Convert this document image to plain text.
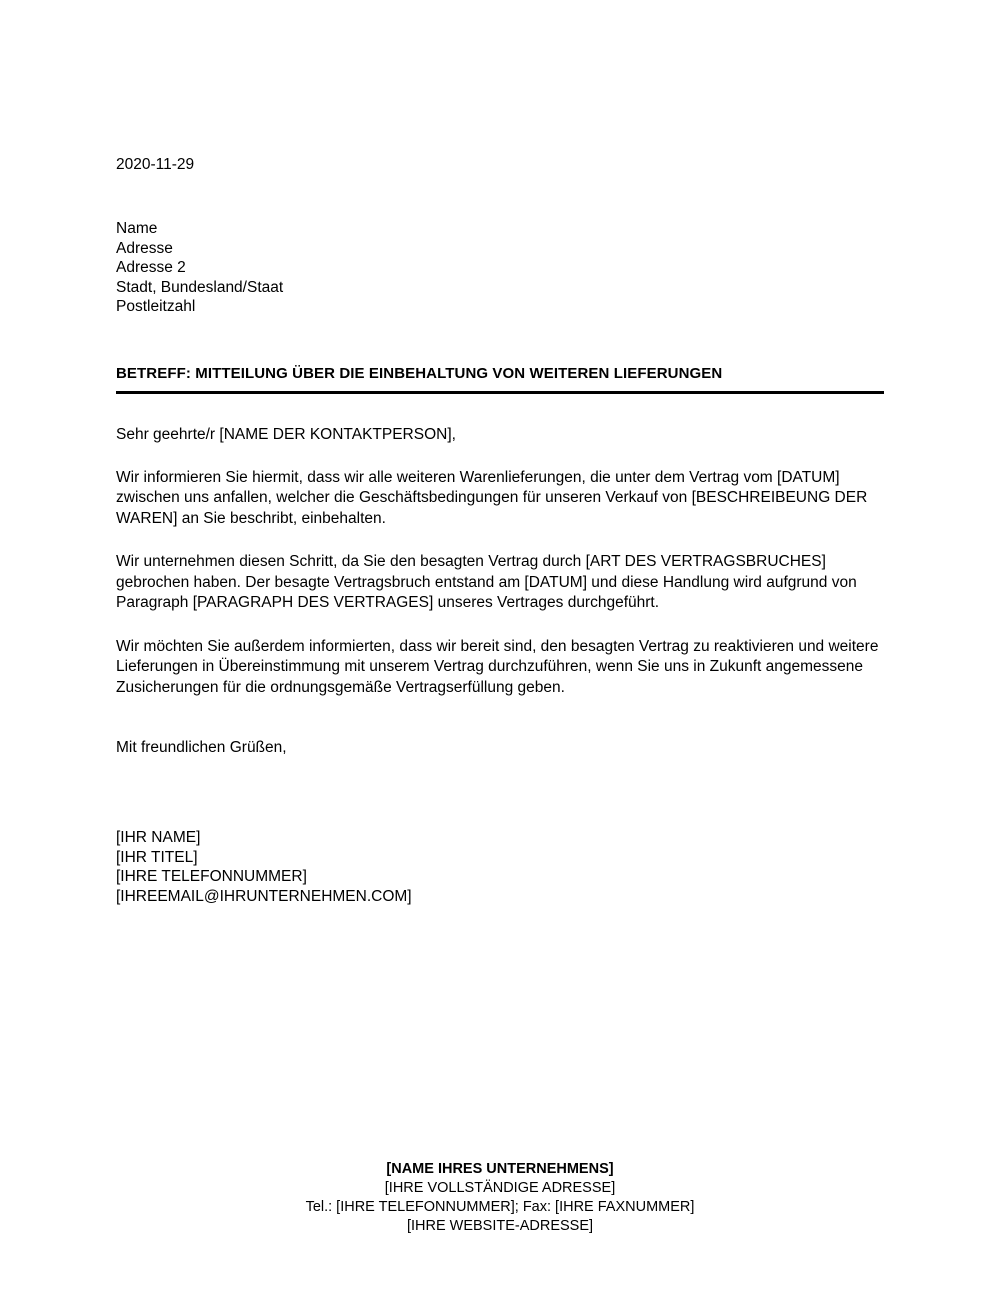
2020-11-29
Name
Adresse
Adresse 2
Stadt, Bundesland/Staat
Postleitzahl
BETREFF: MITTEILUNG ÜBER DIE EINBEHALTUNG VON WEITEREN LIEFERUNGEN
Sehr geehrte/r [NAME DER KONTAKTPERSON],

Wir informieren Sie hiermit, dass wir alle weiteren Warenlieferungen, die unter dem Vertrag vom [DATUM] zwischen uns anfallen, welcher die Geschäftsbedingungen für unseren Verkauf von [BESCHREIBEUNG DER WAREN] an Sie beschribt, einbehalten.

Wir unternehmen diesen Schritt, da Sie den besagten Vertrag durch [ART DES VERTRAGSBRUCHES] gebrochen haben. Der besagte Vertragsbruch entstand am [DATUM] und diese Handlung wird aufgrund von Paragraph [PARAGRAPH DES VERTRAGES] unseres Vertrages durchgeführt.

Wir möchten Sie außerdem informierten, dass wir bereit sind, den besagten Vertrag zu reaktivieren und weitere Lieferungen in Übereinstimmung mit unserem Vertrag durchzuführen, wenn Sie uns in Zukunft angemessene Zusicherungen für die ordnungsgemäße Vertragserfüllung geben.

Mit freundlichen Grüßen,
[IHR NAME]
[IHR TITEL]
[IHRE TELEFONNUMMER]
[IHREEMAIL@IHRUNTERNEHMEN.COM]
[NAME IHRES UNTERNEHMENS]
[IHRE VOLLSTÄNDIGE ADRESSE]
Tel.: [IHRE TELEFONNUMMER]; Fax: [IHRE FAXNUMMER]
[IHRE WEBSITE-ADRESSE]
